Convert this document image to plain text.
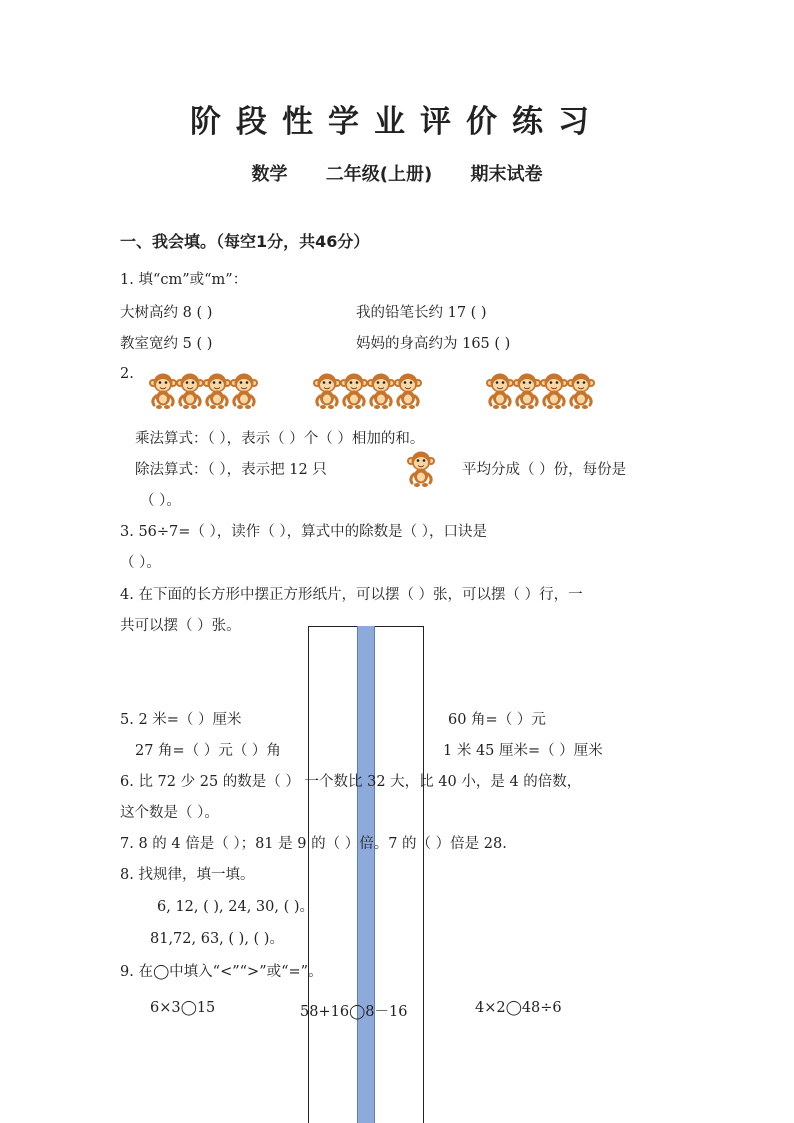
阶段性学业评价练习
数学 二年级(上册) 期末试卷
一、我会填。（每空1分，共46分）
1. 填“cm”或“m”：
大树高约 8 ( )	我的铅笔长约 17 ( )
教室宽约 5 ( )	妈妈的身高约为 165 ( )
2.
乘法算式：（ ），表示（ ）个（ ）相加的和。
除法算式：（ ），表示把 12 只	平均分成（ ）份，每份是
（ ）。
3. 56÷7=（ ），读作（ ），算式中的除数是（ ），口诀是
（ ）。
4. 在下面的长方形中摆正方形纸片，可以摆（ ）张，可以摆（ ）行，一
共可以摆（ ）张。
5. 2 米=（ ）厘米	60 角=（ ）元
27 角=（ ）元（ ）角	1 米 45 厘米=（ ）厘米
6. 比 72 少 25 的数是（ ） 一个数比 32 大，比 40 小，是 4 的倍数，
这个数是（ ）。
7. 8 的 4 倍是（ ）；81 是 9 的（ ）倍。7 的（ ）倍是 28.
8. 找规律，填一填。
6, 12, ( ), 24, 30, ( )。
81,72, 63, ( ), ( )。
9. 在◯中填入“<”“>”或“=”。
6×3◯15	58+16◯8－16	4×2◯48÷6
